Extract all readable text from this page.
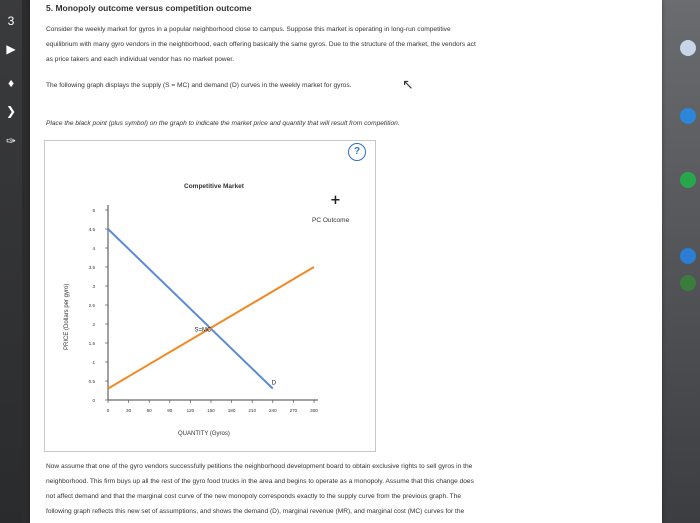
3
▶
♦
❯
✑
5. Monopoly outcome versus competition outcome
Consider the weekly market for gyros in a popular neighborhood close to campus. Suppose this market is operating in long-run competitive
equilibrium with many gyro vendors in the neighborhood, each offering basically the same gyros. Due to the structure of the market, the vendors act
as price takers and each individual vendor has no market power.
The following graph displays the supply (S = MC) and demand (D) curves in the weekly market for gyros.
Place the black point (plus symbol) on the graph to indicate the market price and quantity that will result from competition.
?
Competitive Market
0
0.5
1
1.5
2
2.5
3
3.5
4
4.5
5
0	30	60	90	120	150	180	210	240	270	300
D
S=MC
PRICE (Dollars per gyro)
QUANTITY (Gyros)
+
PC Outcome
Now assume that one of the gyro vendors successfully petitions the neighborhood development board to obtain exclusive rights to sell gyros in the
neighborhood. This firm buys up all the rest of the gyro food trucks in the area and begins to operate as a monopoly. Assume that this change does
not affect demand and that the marginal cost curve of the new monopoly corresponds exactly to the supply curve from the previous graph. The
following graph reflects this new set of assumptions, and shows the demand (D), marginal revenue (MR), and marginal cost (MC) curves for the
↖
